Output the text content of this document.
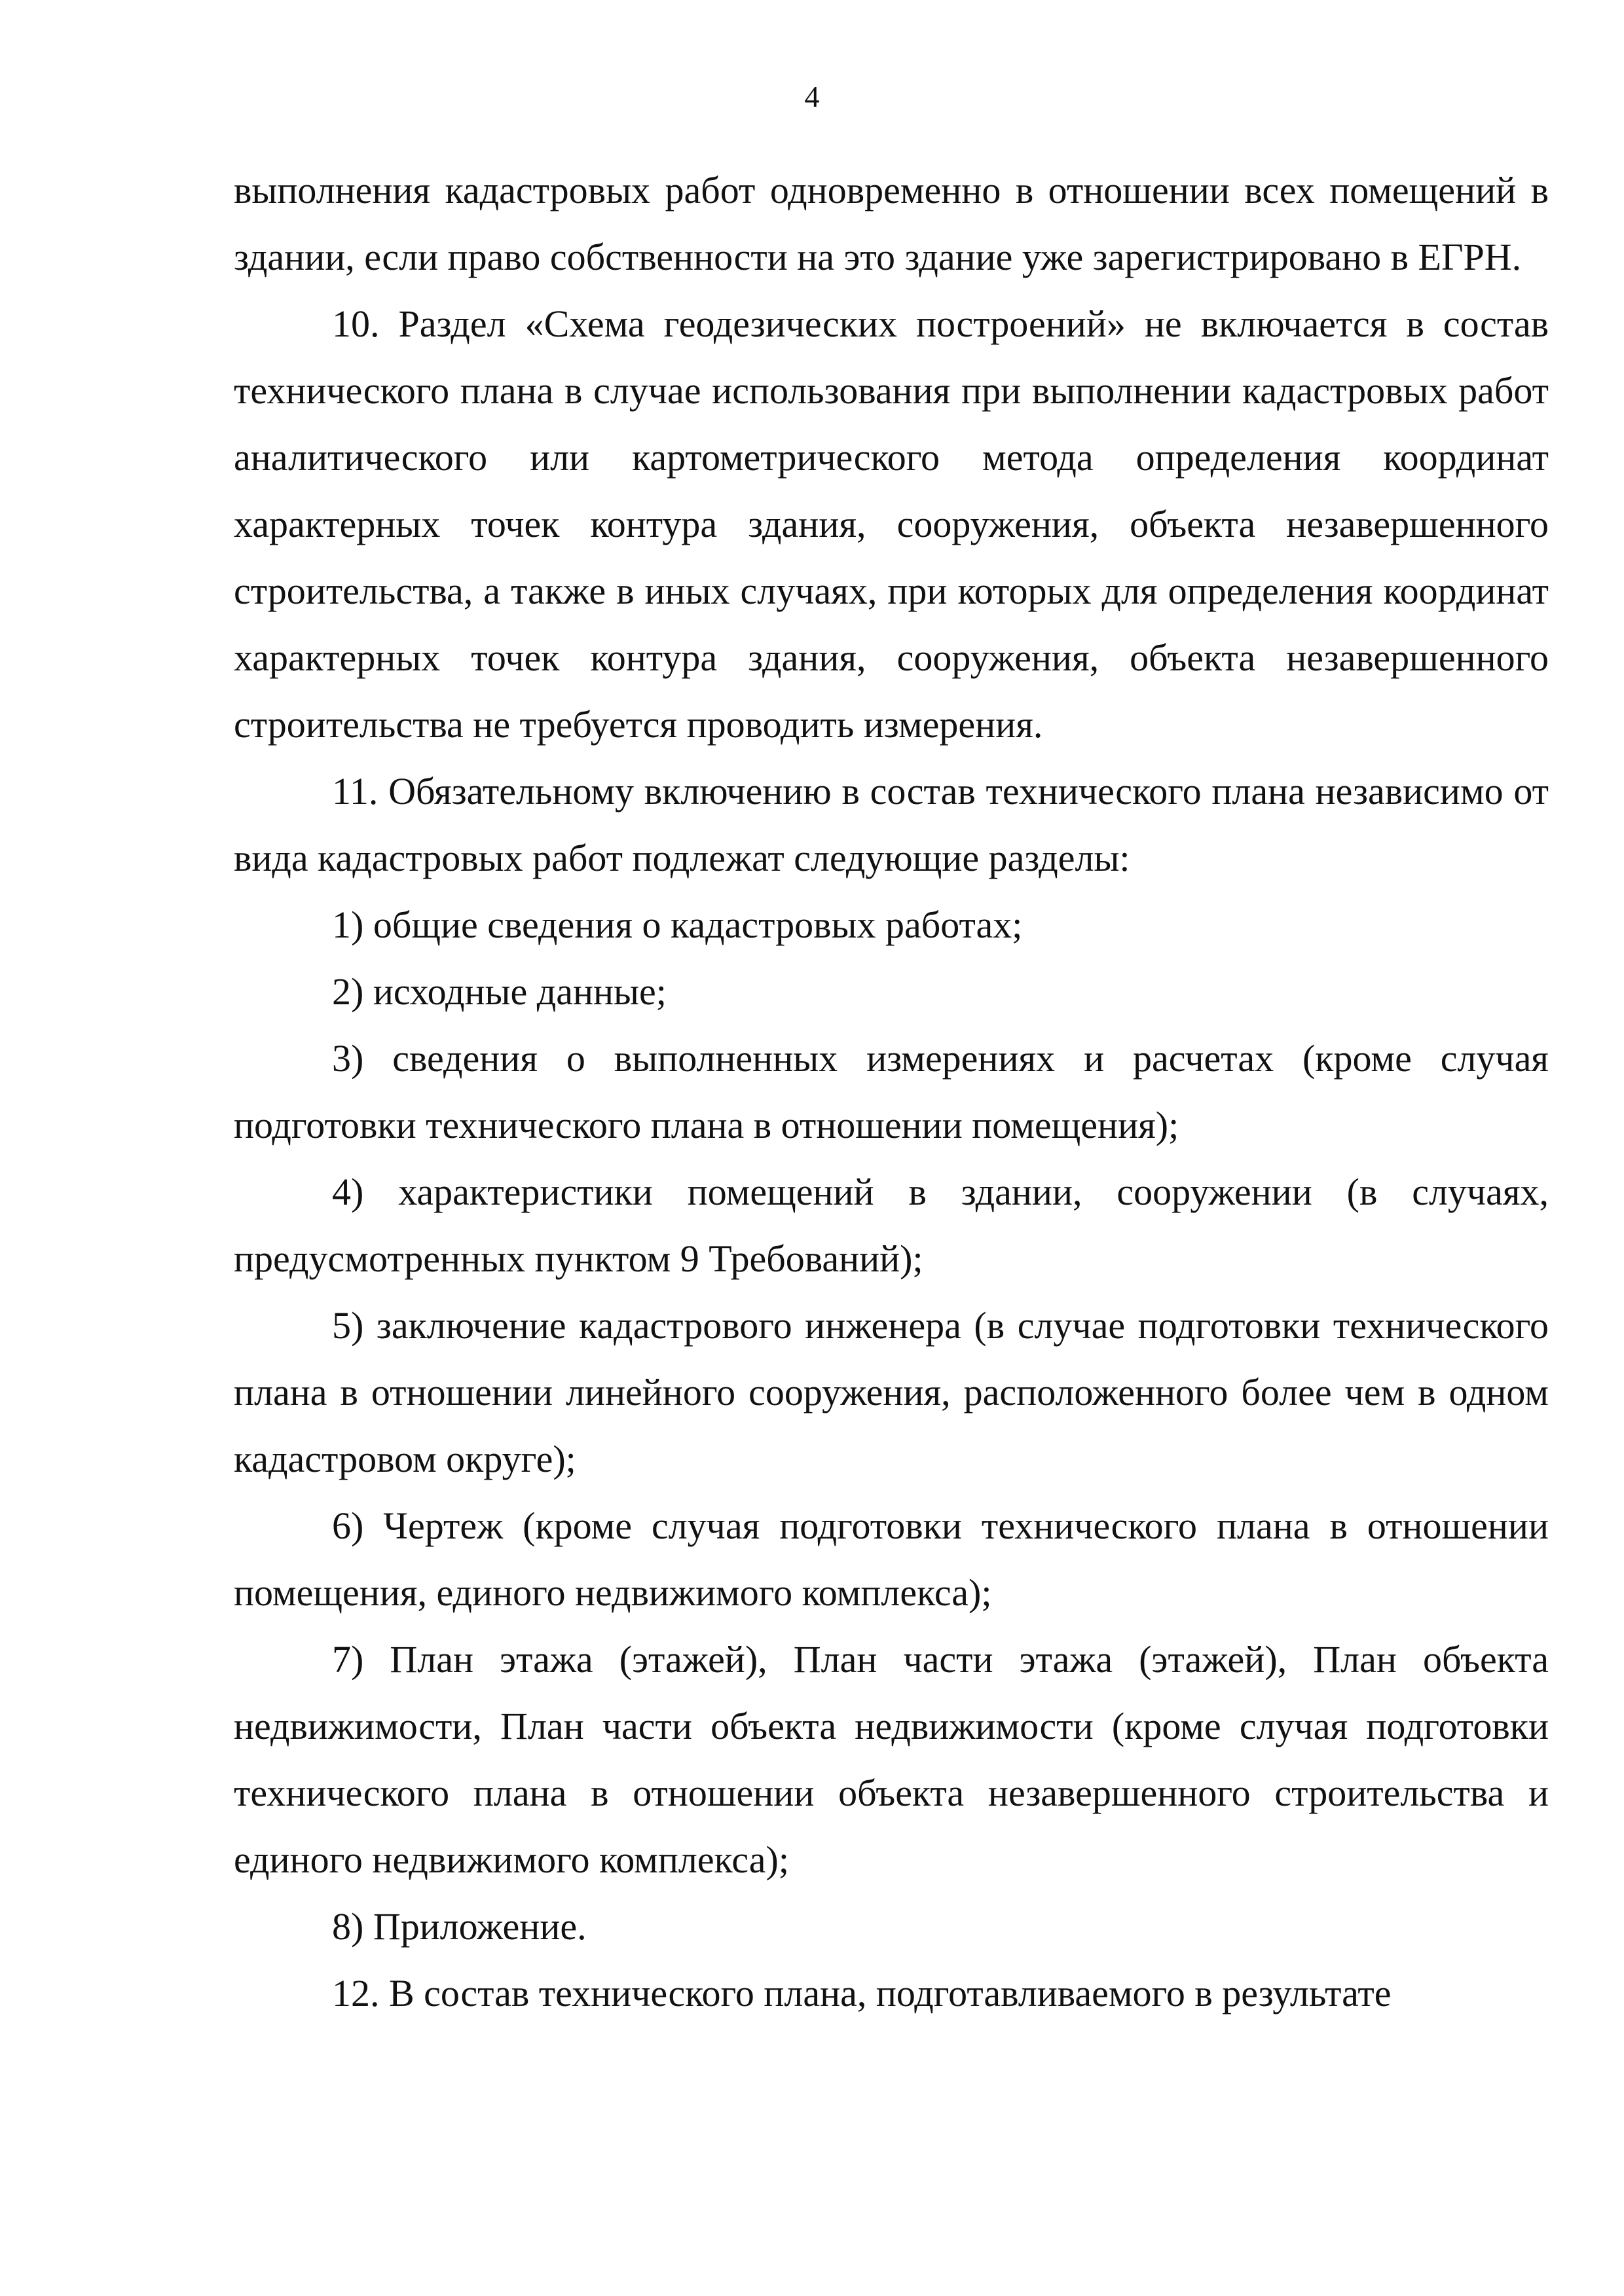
4

выполнения кадастровых работ одновременно в отношении всех помещений в здании, если право собственности на это здание уже зарегистрировано в ЕГРН.

10. Раздел «Схема геодезических построений» не включается в состав технического плана в случае использования при выполнении кадастровых работ аналитического или картометрического метода определения координат характерных точек контура здания, сооружения, объекта незавершенного строительства, а также в иных случаях, при которых для определения координат характерных точек контура здания, сооружения, объекта незавершенного строительства не требуется проводить измерения.

11. Обязательному включению в состав технического плана независимо от вида кадастровых работ подлежат следующие разделы:

1) общие сведения о кадастровых работах;

2) исходные данные;

3) сведения о выполненных измерениях и расчетах (кроме случая подготовки технического плана в отношении помещения);

4) характеристики помещений в здании, сооружении (в случаях, предусмотренных пунктом 9 Требований);

5) заключение кадастрового инженера (в случае подготовки технического плана в отношении линейного сооружения, расположенного более чем в одном кадастровом округе);

6) Чертеж (кроме случая подготовки технического плана в отношении помещения, единого недвижимого комплекса);

7) План этажа (этажей), План части этажа (этажей), План объекта недвижимости, План части объекта недвижимости (кроме случая подготовки технического плана в отношении объекта незавершенного строительства и единого недвижимого комплекса);

8) Приложение.

12. В состав технического плана, подготавливаемого в результате
